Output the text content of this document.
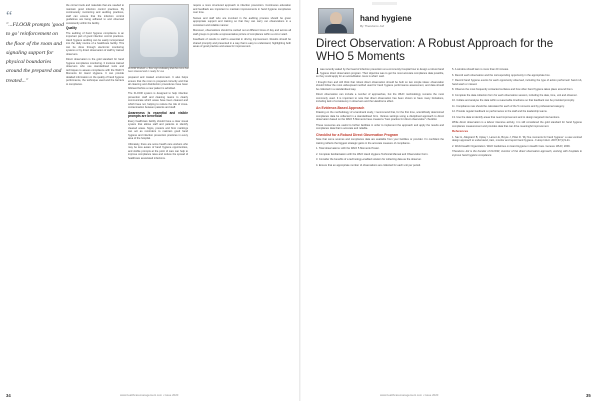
“
"...FLOOR prompts 'good to go' reinforcement on the floor of the room and signaling support for physical boundaries around the prepared and treated..."

the correct tools and materials that are needed to maintain good infection control practices. By continuously monitoring and auditing practices, staff can ensure that the infection control guidelines are being adhered to and observed consistently within the facility.

Quality

The auditing of hand hygiene compliance is an important part of good infection control practices. Hand hygiene auditing can be easily incorporated into the daily routine of a healthcare facility. This can be done through electronic monitoring systems or by direct observation of staff by trained observers.

Direct observation is the gold standard for hand hygiene compliance monitoring. It involves trained observers who use standardised tools and techniques to assess compliance with the WHO 5 Moments for Hand Hygiene. It can provide detailed information on the quality of hand hygiene performance, the technique used and the barriers to compliance.

FLOOR Product — floor sign indicating that the room has been cleaned and is ready for use

prepared and treated environment. It also helps ensure that the room is prepared correctly and that all cleaning and disinfection procedures have been followed before a new patient is admitted.

The FLOOR system is designed to help infection prevention staff and cleaning teams to clearly communicate which areas have been cleaned and which have not, helping to reduce the risk of cross-contamination between patients and staff.

Awareness is essential and visible prompts are beneficial

Every healthcare facility should have a clear visual system that allows staff and patients to identify cleaned areas. Signs, posters and floor markings can act as reminders to maintain good hand hygiene and infection prevention practices in every area of the hospital.

Ultimately, there are some health care workers who may be less aware of hand hygiene opportunities, and visible prompts at the point of care can help to improve compliance rates and reduce the spread of healthcare associated infections.

require a more structured approach to infection prevention. Continuous education and feedback are important to maintain improvements in hand hygiene compliance over time.

Nurses and staff who are involved in the auditing process should be given appropriate support and training so that they can carry out observations in a consistent and reliable manner.

Moreover, observations should be carried out at different times of day and across all staff groups to provide a representative picture of compliance within a unit or ward.

Feedback of results to staff is essential in driving improvement. Results should be shared promptly and presented in a way that is easy to understand, highlighting both areas of good practice and areas for improvement.

34	www.healthcaremanagement.com • Issue 2020
hand hygiene
By Theodoros Joli
Direct Observation: A Robust Approach for the WHO 5 Moments

Iwas recently asked by the head of infection prevention at a community hospital how to design a robust hand hygiene direct observation program. Their objective was to get the most accurate compliance data possible, so they could apply for an accreditation. Here is what I said.

I thought then and still think that robust direct observation should be built on two simple ideas: observation should follow the most widespread method used for hand hygiene performance assessment, and data should be collected in a standardised way.

Direct observation can include a number of approaches, but the WHO methodology remains the most commonly used. It is important to note that direct observation has been shown to have many limitations, including lack of consistency in observers and the Hawthorne effect.

An Evidence-Based Approach

Drawing on the methodology of a landmark study, I recommend that, for the first time, scientifically determined compliance data be collected in a standardised form. Various settings using a disciplined approach to direct observation based on the WHO 5 Moments have created a "best practice for direct observation" checklist.

These resources are useful to further facilities in order to implement the approach and apply the results and compliance data that is accurate and reliable.

Checklist for a Robust Direct Observation Program

Note that some sources and compliance data are available from your facilities or provider. I'm confident the training reflects the biggest strategic gains in the accurate measure of compliance.

1. Total observations: with the WHO 5 Moments Poster.

2. Complete familiarisation with the WHO Hand Hygiene Technical Manual and Observation Form.

3. Consider the benefits of a technology-enabled solution for collecting data as the observer.

4. Ensure that an appropriate number of observations are collected for each unit per period.

5. A window should last no more than 20 minutes.

6. Record each observation and the corresponding opportunity in the appropriate box.

7. Record hand hygiene events for each opportunity observed, including the type of action performed: hand rub, hand wash or missed.

8. Observe the most frequently contacted surfaces and how often hand hygiene takes place around them.

9. Complete the data collection form for each observation session, including the date, time, unit and observer.

10. Collate and analyse the data within a reasonable timeframe so that feedback can be provided promptly.

11. Compliance rate should be calculated for each of the 5 moments and by professional category.

12. Provide regular feedback on performance to the staff and the leadership teams.

13. Use the data to identify areas that need improvement and to design targeted interventions.

While direct observation is a labour intensive activity, it is still considered the gold standard for hand hygiene compliance measurement and provides data that can drive meaningful improvement.

References

1. Sax H, Allegranzi B, Uçkay I, Larson E, Boyce J, Pittet D. 'My five moments for hand hygiene': a user-centred design approach to understand, train, monitor and report hand hygiene. J Hosp Infect. 2007;67(1):9-21.

2. World Health Organization. WHO Guidelines on Hand Hygiene in Health Care. Geneva: WHO; 2009.

Theodoros Joli is the founder of FLOOR, inventor of the direct observation approach, working with hospitals to improve hand hygiene compliance.

www.healthcaremanagement.com • Issue 2020	35
